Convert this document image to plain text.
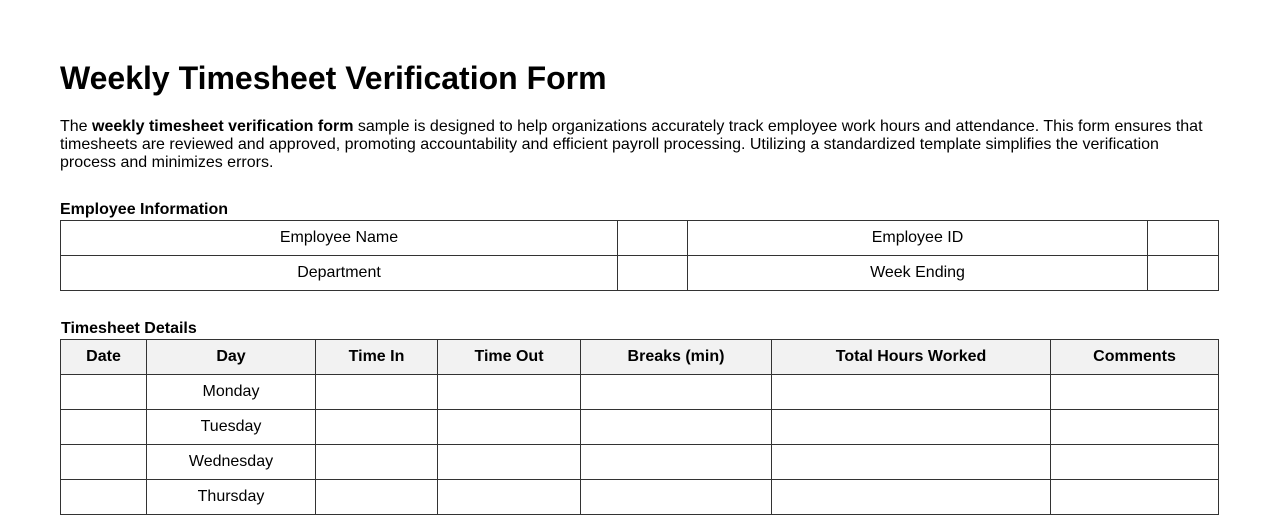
Weekly Timesheet Verification Form

The weekly timesheet verification form sample is designed to help organizations accurately track employee work hours and attendance. This form ensures that timesheets are reviewed and approved, promoting accountability and efficient payroll processing. Utilizing a standardized template simplifies the verification process and minimizes errors.

Employee Information
Employee Name		Employee ID	
Department		Week Ending	
Timesheet Details
Date	Day	Time In	Time Out	Breaks (min)	Total Hours Worked	Comments
	Monday					
	Tuesday					
	Wednesday					
	Thursday					
